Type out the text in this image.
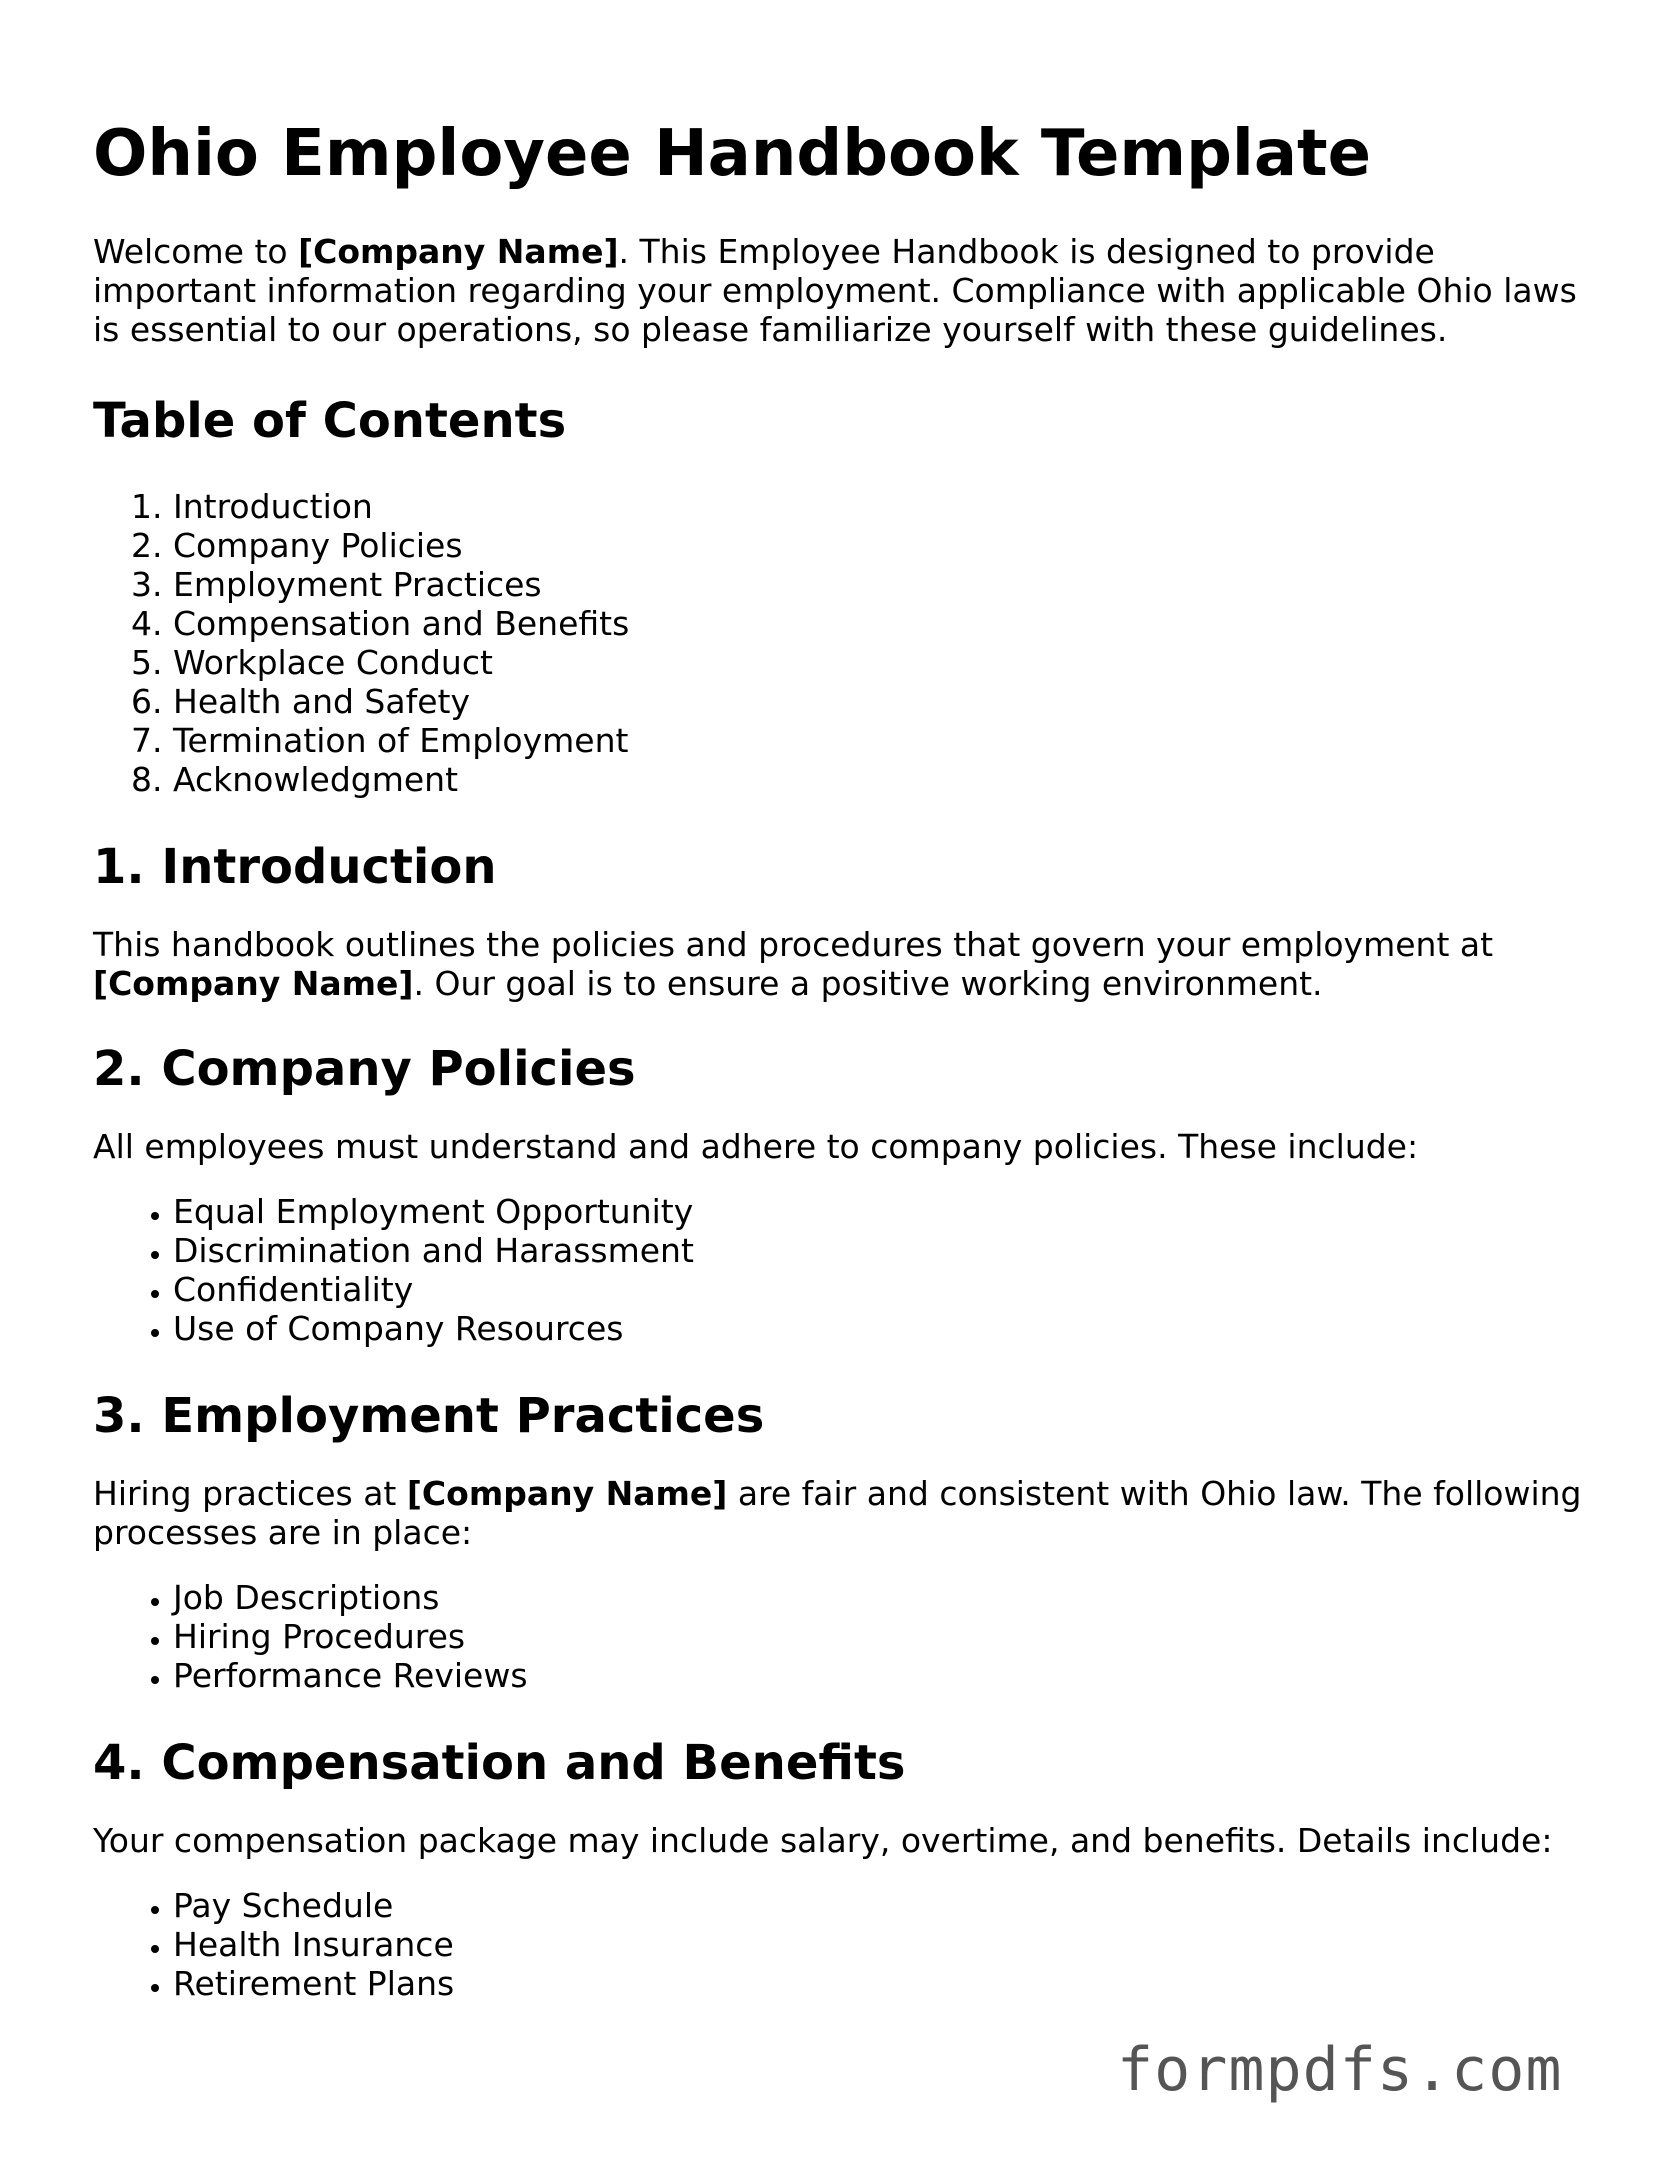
Ohio Employee Handbook Template

Welcome to [Company Name]. This Employee Handbook is designed to provide important information regarding your employment. Compliance with applicable Ohio laws is essential to our operations, so please familiarize yourself with these guidelines.

Table of Contents
1. Introduction
2. Company Policies
3. Employment Practices
4. Compensation and Benefits
5. Workplace Conduct
6. Health and Safety
7. Termination of Employment
8. Acknowledgment
1. Introduction

This handbook outlines the policies and procedures that govern your employment at [Company Name]. Our goal is to ensure a positive working environment.

2. Company Policies

All employees must understand and adhere to company policies. These include:

• Equal Employment Opportunity
• Discrimination and Harassment
• Confidentiality
• Use of Company Resources
3. Employment Practices

Hiring practices at [Company Name] are fair and consistent with Ohio law. The following processes are in place:

• Job Descriptions
• Hiring Procedures
• Performance Reviews
4. Compensation and Benefits

Your compensation package may include salary, overtime, and benefits. Details include:

• Pay Schedule
• Health Insurance
• Retirement Plans
formpdfs.com
